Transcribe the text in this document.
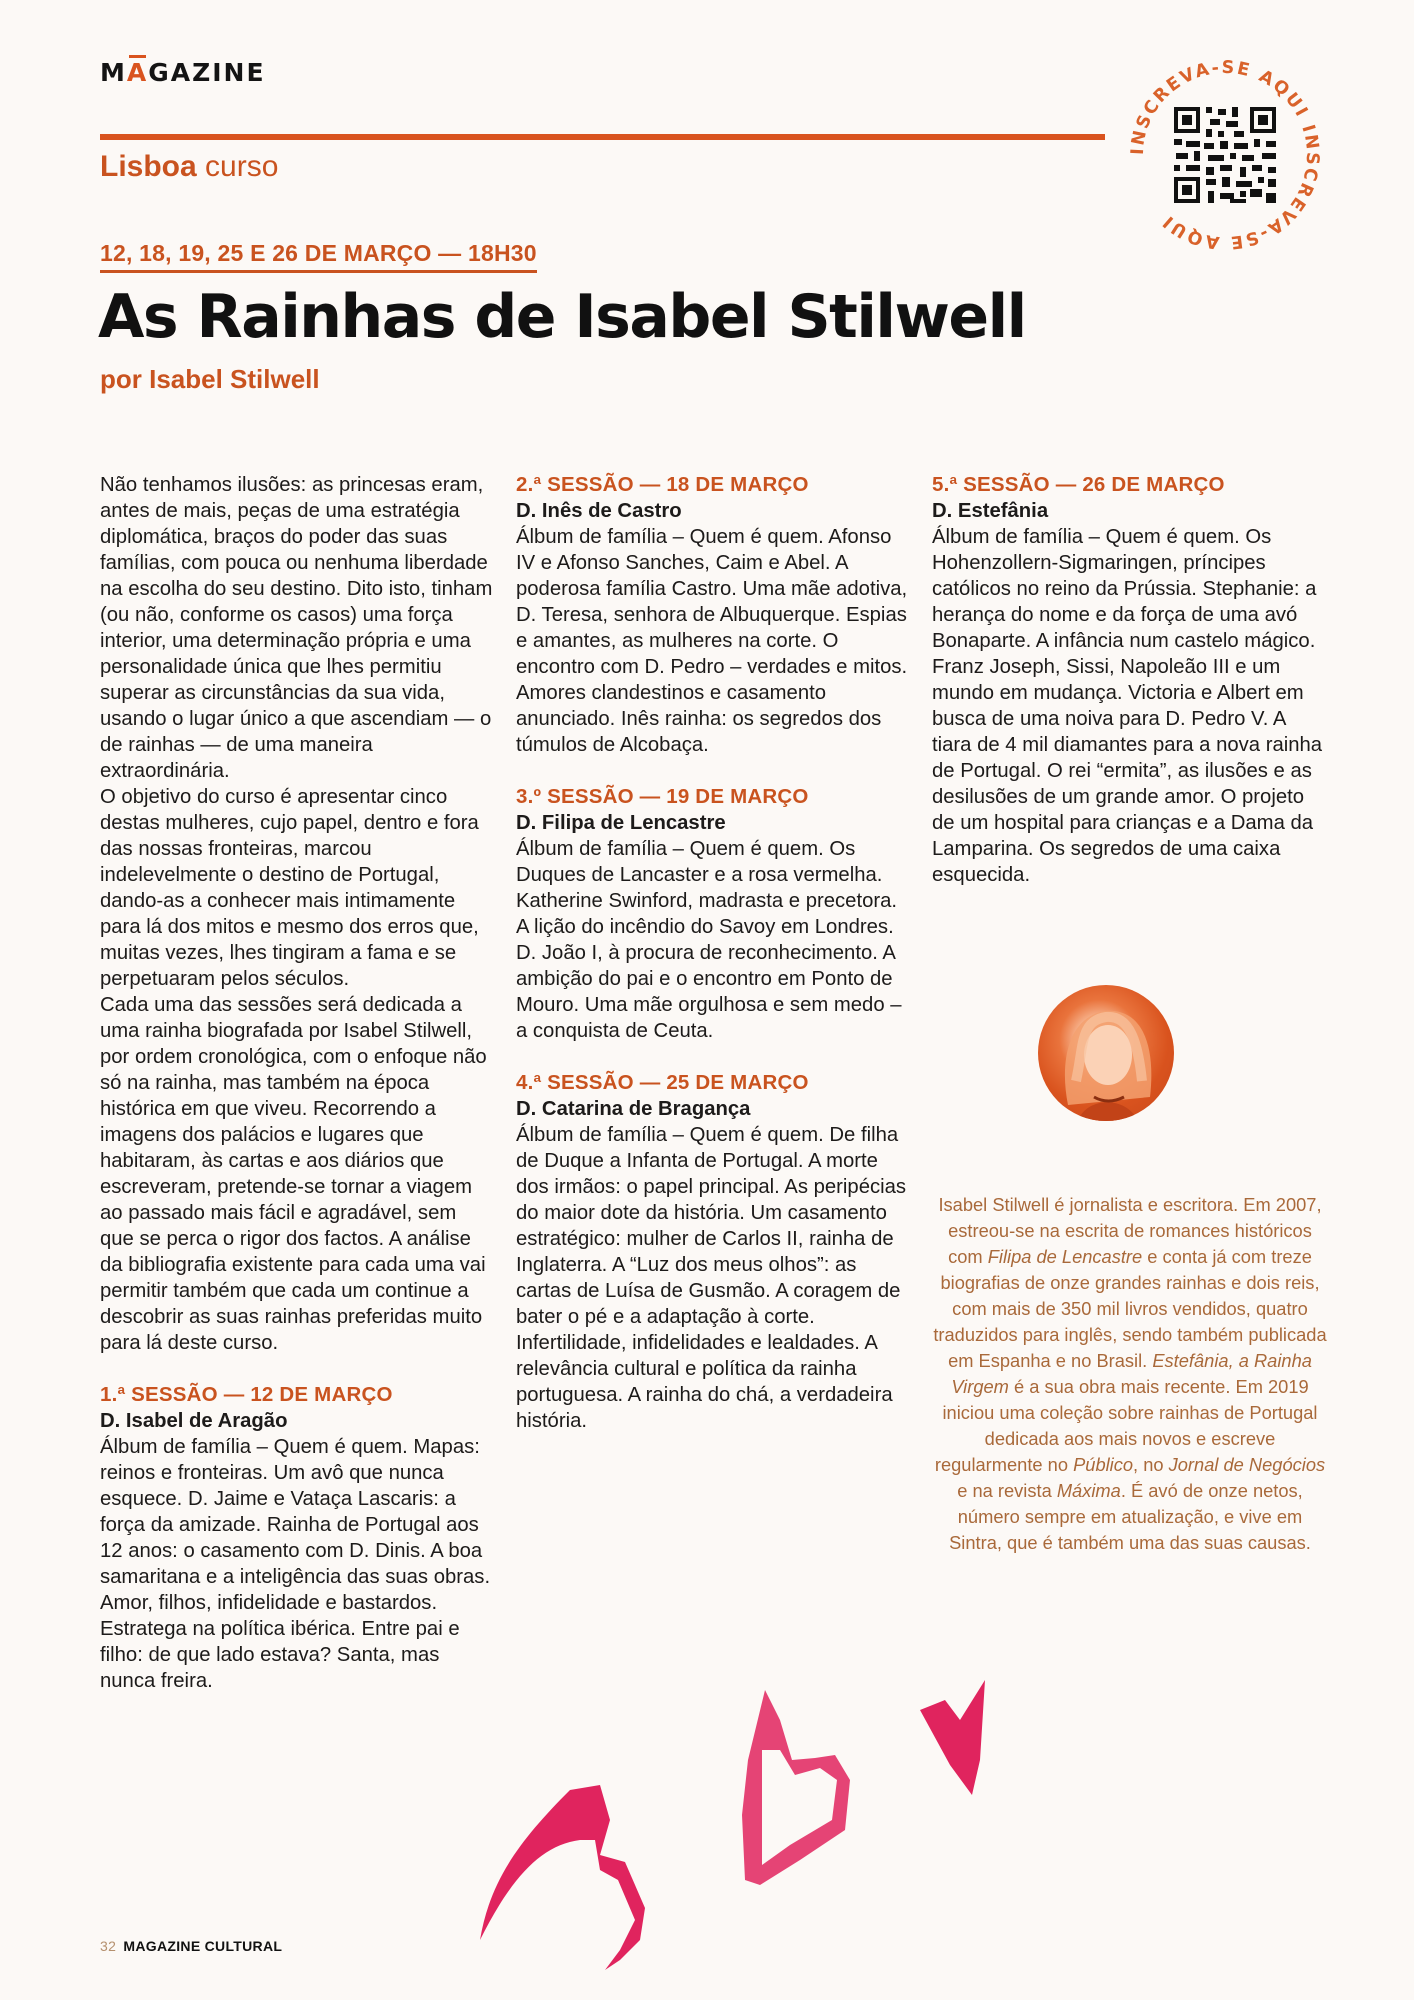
MAGAZINE
Lisboa curso	INSCREVA-SE AQUI INSCREVA-SE AQUI
12, 18, 19, 25 E 26 DE MARÇO — 18H30
As Rainhas de Isabel Stilwell
por Isabel Stilwell

Não tenhamos ilusões: as princesas eram, antes de mais, peças de uma estratégia diplomática, braços do poder das suas famílias, com pouca ou nenhuma liberdade na escolha do seu destino. Dito isto, tinham (ou não, conforme os casos) uma força interior, uma determinação própria e uma personalidade única que lhes permitiu superar as circunstâncias da sua vida, usando o lugar único a que ascendiam — o de rainhas — de uma maneira extraordinária.

O objetivo do curso é apresentar cinco destas mulheres, cujo papel, dentro e fora das nossas fronteiras, marcou indelevelmente o destino de Portugal, dando-as a conhecer mais intimamente para lá dos mitos e mesmo dos erros que, muitas vezes, lhes tingiram a fama e se perpetuaram pelos séculos.

Cada uma das sessões será dedicada a uma rainha biografada por Isabel Stilwell, por ordem cronológica, com o enfoque não só na rainha, mas também na época histórica em que viveu. Recorrendo a imagens dos palácios e lugares que habitaram, às cartas e aos diários que escreveram, pretende-se tornar a viagem ao passado mais fácil e agradável, sem que se perca o rigor dos factos. A análise da bibliografia existente para cada uma vai permitir também que cada um continue a descobrir as suas rainhas preferidas muito para lá deste curso.

1.ª SESSÃO — 12 DE MARÇO
D. Isabel de Aragão

Álbum de família – Quem é quem. Mapas: reinos e fronteiras. Um avô que nunca esquece. D. Jaime e Vataça Lascaris: a força da amizade. Rainha de Portugal aos 12 anos: o casamento com D. Dinis. A boa samaritana e a inteligência das suas obras. Amor, filhos, infidelidade e bastardos. Estratega na política ibérica. Entre pai e filho: de que lado estava? Santa, mas nunca freira.

2.ª SESSÃO — 18 DE MARÇO
D. Inês de Castro

Álbum de família – Quem é quem. Afonso IV e Afonso Sanches, Caim e Abel. A poderosa família Castro. Uma mãe adotiva, D. Teresa, senhora de Albuquerque. Espias e amantes, as mulheres na corte. O encontro com D. Pedro – verdades e mitos. Amores clandestinos e casamento anunciado. Inês rainha: os segredos dos túmulos de Alcobaça.

3.º SESSÃO — 19 DE MARÇO
D. Filipa de Lencastre

Álbum de família – Quem é quem. Os Duques de Lancaster e a rosa vermelha. Katherine Swinford, madrasta e precetora. A lição do incêndio do Savoy em Londres. D. João I, à procura de reconhecimento. A ambição do pai e o encontro em Ponto de Mouro. Uma mãe orgulhosa e sem medo – a conquista de Ceuta.

4.ª SESSÃO — 25 DE MARÇO
D. Catarina de Bragança

Álbum de família – Quem é quem. De filha de Duque a Infanta de Portugal. A morte dos irmãos: o papel principal. As peripécias do maior dote da história. Um casamento estratégico: mulher de Carlos II, rainha de Inglaterra. A “Luz dos meus olhos”: as cartas de Luísa de Gusmão. A coragem de bater o pé e a adaptação à corte. Infertilidade, infidelidades e lealdades. A relevância cultural e política da rainha portuguesa. A rainha do chá, a verdadeira história.

5.ª SESSÃO — 26 DE MARÇO
D. Estefânia

Álbum de família – Quem é quem. Os Hohenzollern-Sigmaringen, príncipes católicos no reino da Prússia. Stephanie: a herança do nome e da força de uma avó Bonaparte. A infância num castelo mágico. Franz Joseph, Sissi, Napoleão III e um mundo em mudança. Victoria e Albert em busca de uma noiva para D. Pedro V. A tiara de 4 mil diamantes para a nova rainha de Portugal. O rei “ermita”, as ilusões e as desilusões de um grande amor. O projeto de um hospital para crianças e a Dama da Lamparina. Os segredos de uma caixa esquecida.

Isabel Stilwell é jornalista e escritora. Em 2007, estreou-se na escrita de romances históricos com Filipa de Lencastre e conta já com treze biografias de onze grandes rainhas e dois reis, com mais de 350 mil livros vendidos, quatro traduzidos para inglês, sendo também publicada em Espanha e no Brasil. Estefânia, a Rainha Virgem é a sua obra mais recente. Em 2019 iniciou uma coleção sobre rainhas de Portugal dedicada aos mais novos e escreve regularmente no Público, no Jornal de Negócios e na revista Máxima. É avó de onze netos, número sempre em atualização, e vive em Sintra, que é também uma das suas causas.
32 MAGAZINE CULTURAL
